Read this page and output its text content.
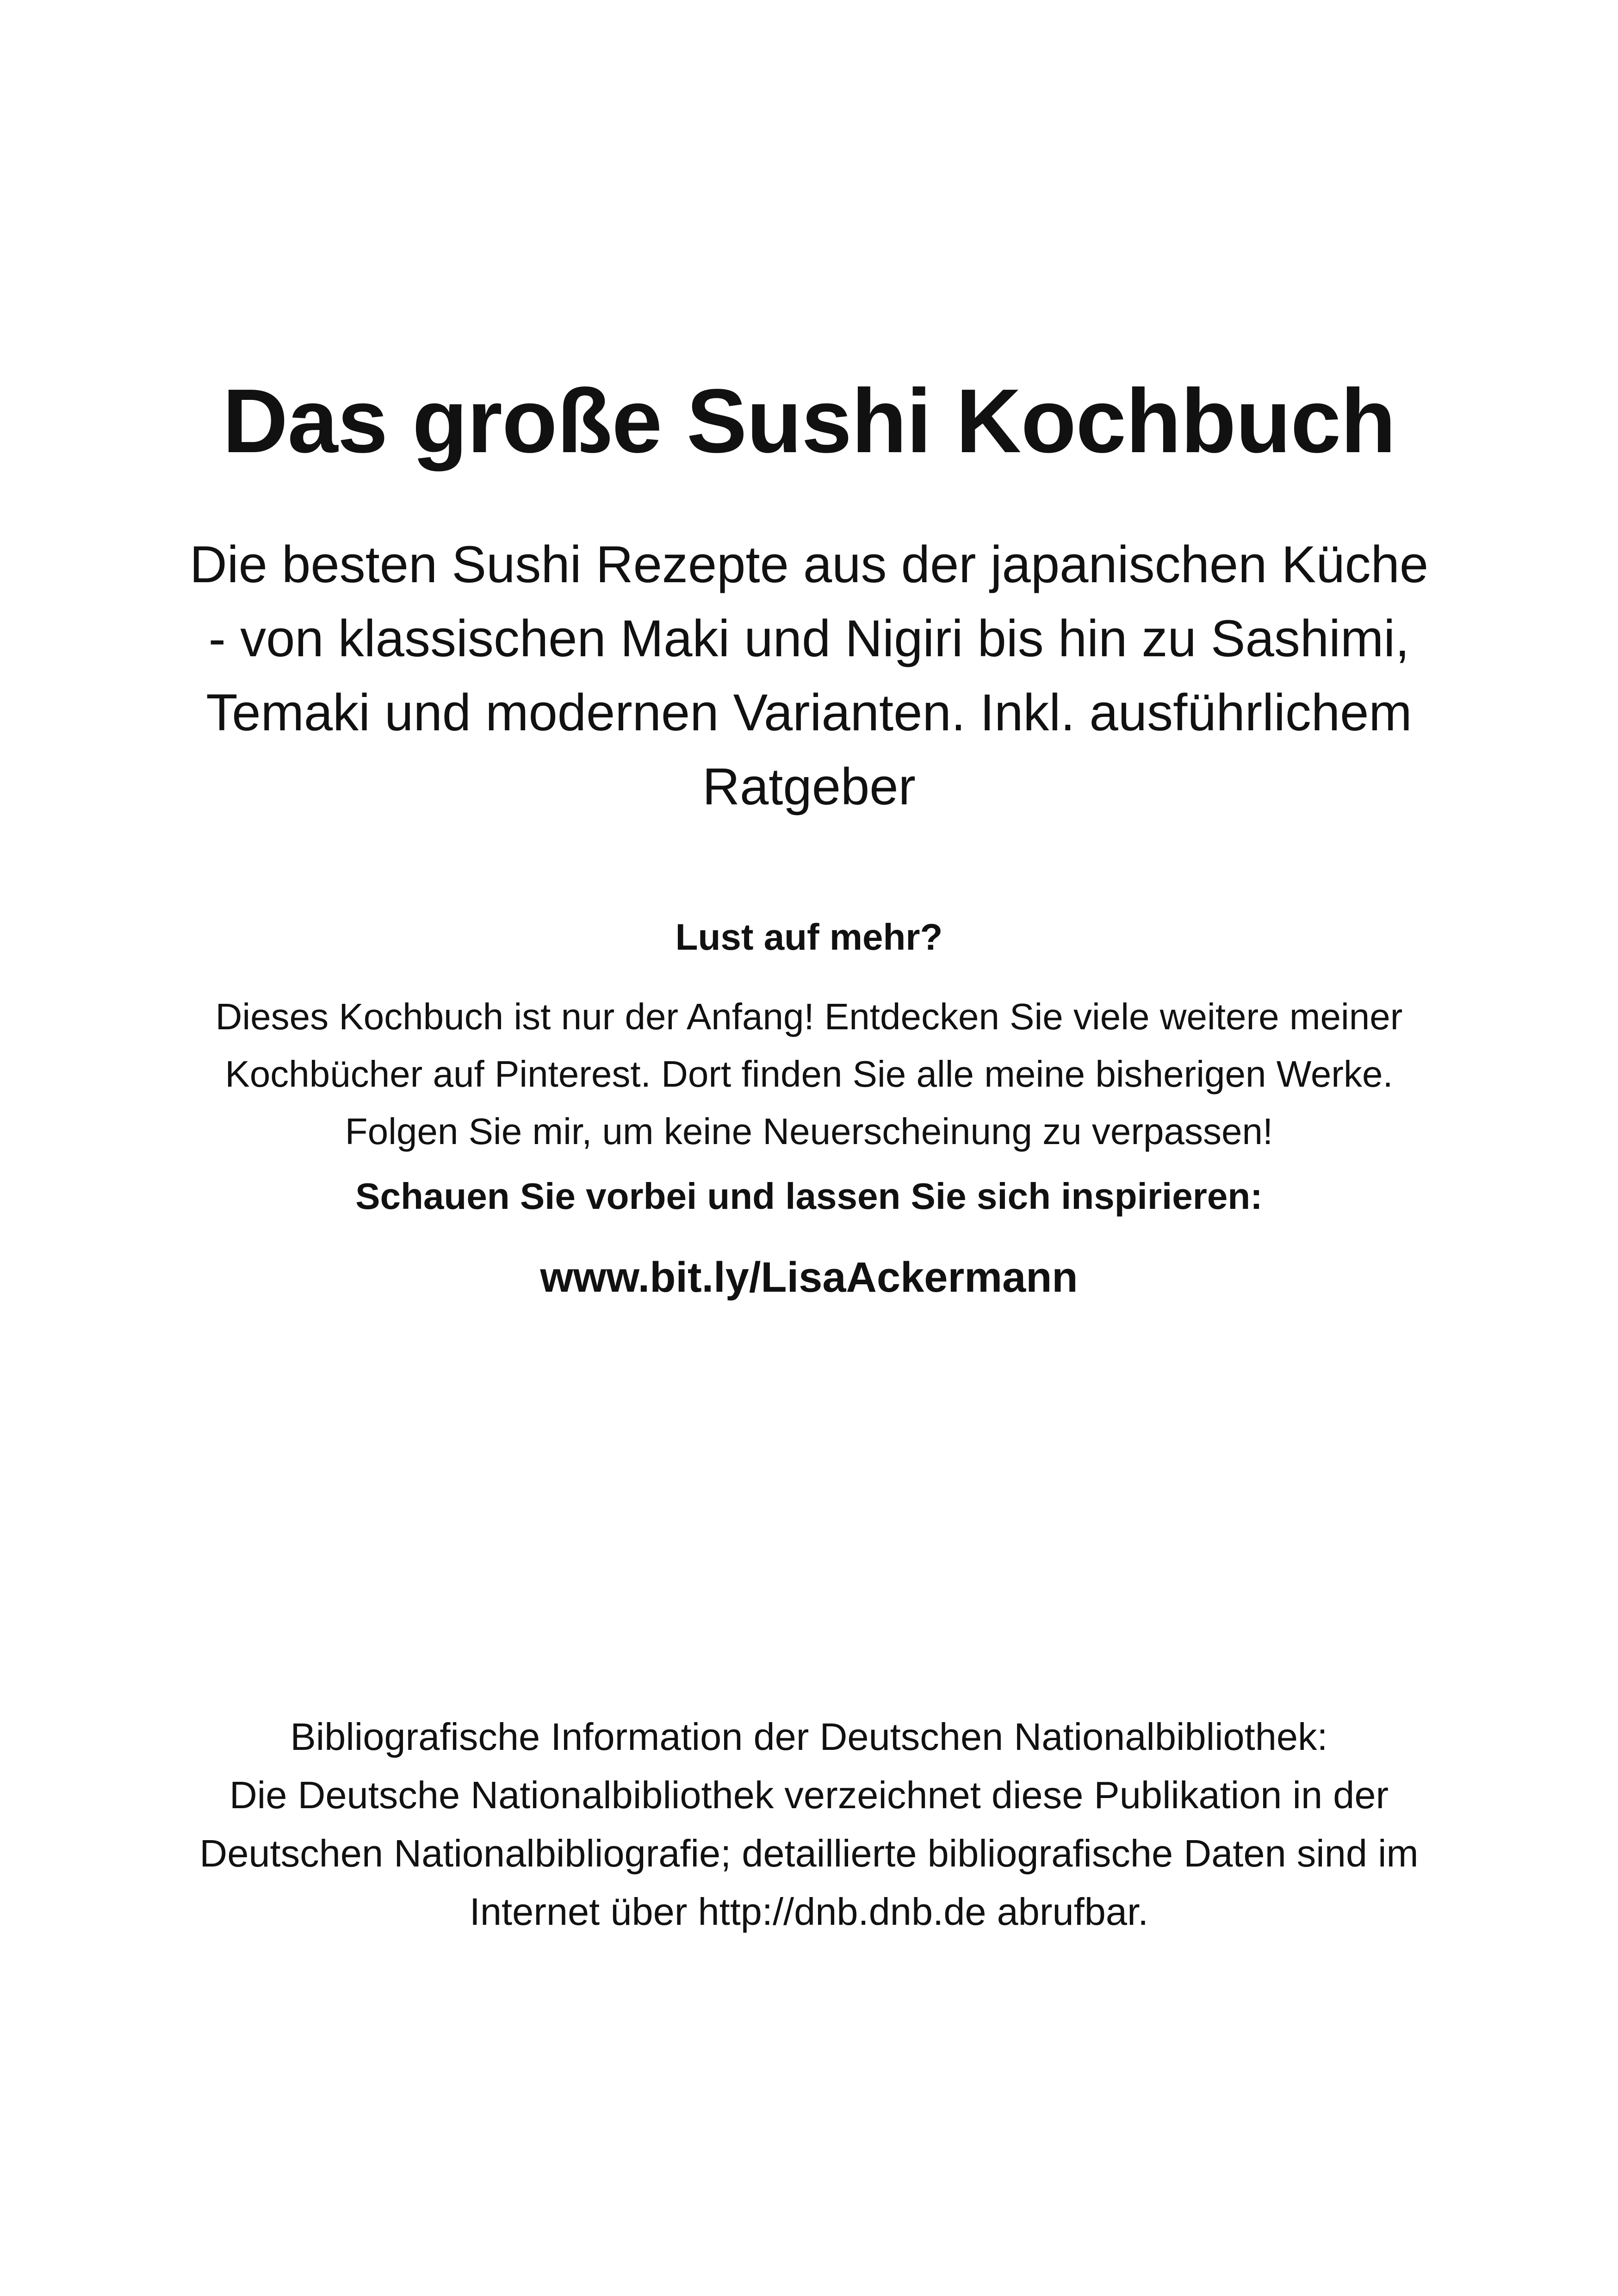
Das große Sushi Kochbuch
Die besten Sushi Rezepte aus der japanischen Küche
- von klassischen Maki und Nigiri bis hin zu Sashimi,
Temaki und modernen Varianten. Inkl. ausführlichem
Ratgeber
Lust auf mehr?
Dieses Kochbuch ist nur der Anfang! Entdecken Sie viele weitere meiner
Kochbücher auf Pinterest. Dort finden Sie alle meine bisherigen Werke.
Folgen Sie mir, um keine Neuerscheinung zu verpassen!
Schauen Sie vorbei und lassen Sie sich inspirieren:
www.bit.ly/LisaAckermann
Bibliografische Information der Deutschen Nationalbibliothek:
Die Deutsche Nationalbibliothek verzeichnet diese Publikation in der
Deutschen Nationalbibliografie; detaillierte bibliografische Daten sind im
Internet über http://dnb.dnb.de abrufbar.
